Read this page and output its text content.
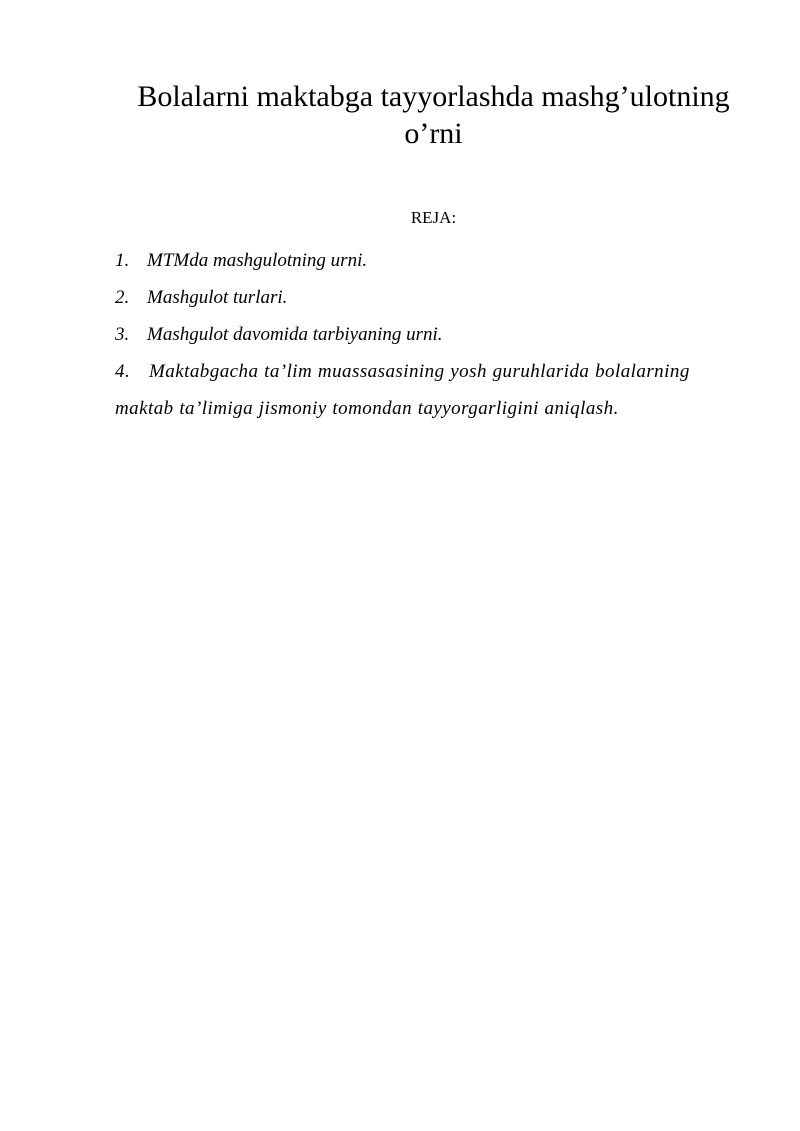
Bolalarni maktabga tayyorlashda mashg’ulotning o’rni

REJA:

1. MTMda mashgulotning urni.
2. Mashgulot turlari.
3. Mashgulot davomida tarbiyaning urni.
4. Maktabgacha ta’lim muassasasining yosh guruhlarida bolalarning maktab ta’limiga jismoniy tomondan tayyorgarligini aniqlash.
